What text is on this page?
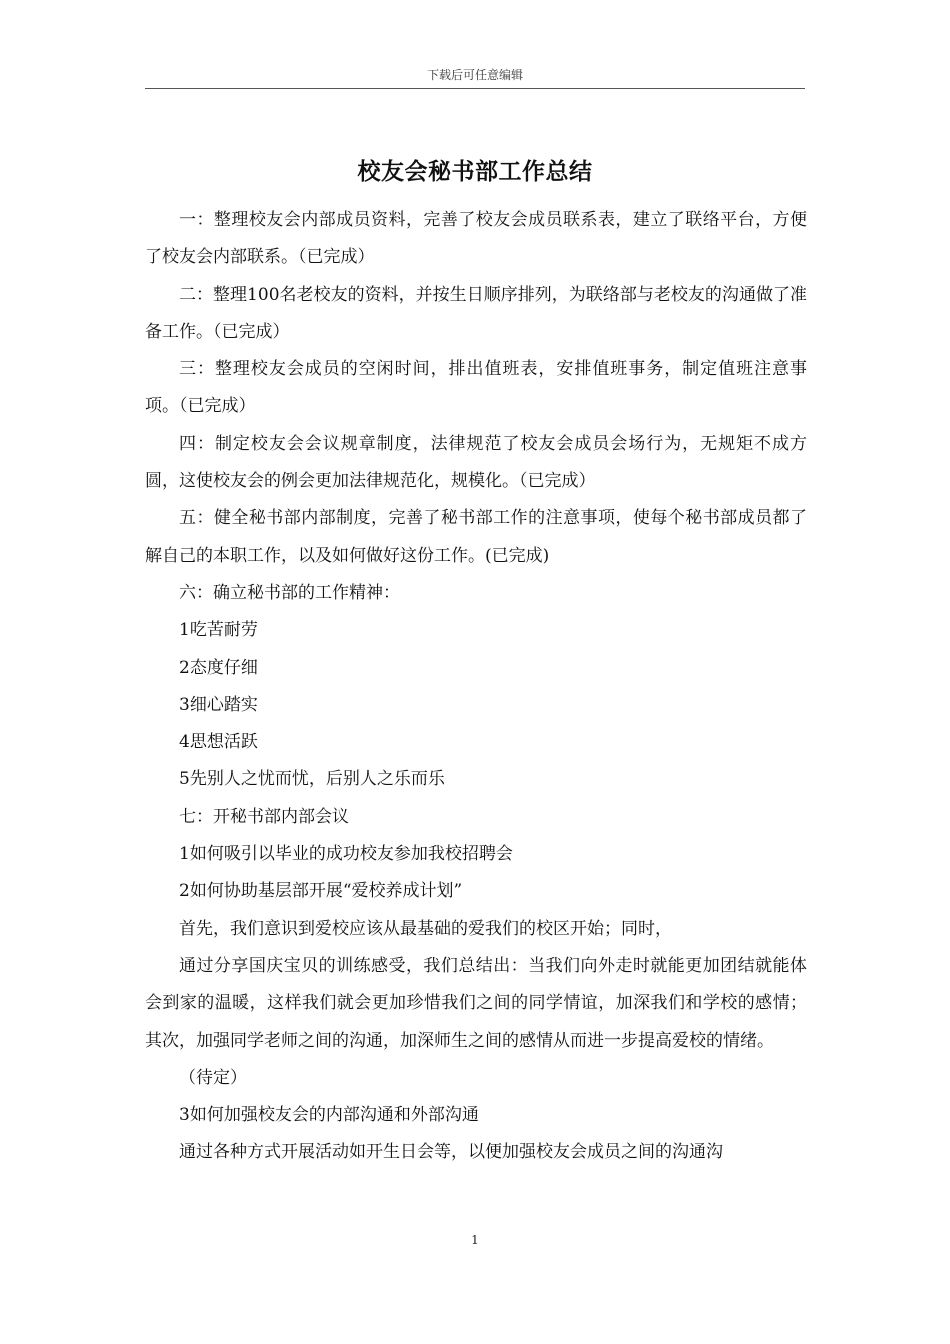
下载后可任意编辑
校友会秘书部工作总结

一：整理校友会内部成员资料，完善了校友会成员联系表，建立了联络平台，方便了校友会内部联系。（已完成）

二：整理100名老校友的资料，并按生日顺序排列，为联络部与老校友的沟通做了准备工作。（已完成）

三：整理校友会成员的空闲时间，排出值班表，安排值班事务，制定值班注意事项。（已完成）

四：制定校友会会议规章制度，法律规范了校友会成员会场行为，无规矩不成方圆，这使校友会的例会更加法律规范化，规模化。（已完成）

五：健全秘书部内部制度，完善了秘书部工作的注意事项，使每个秘书部成员都了解自己的本职工作，以及如何做好这份工作。(已完成)

六：确立秘书部的工作精神：

1吃苦耐劳

2态度仔细

3细心踏实

4思想活跃

5先别人之忧而忧，后别人之乐而乐

七：开秘书部内部会议

1如何吸引以毕业的成功校友参加我校招聘会

2如何协助基层部开展“爱校养成计划”

首先，我们意识到爱校应该从最基础的爱我们的校区开始；同时，

通过分享国庆宝贝的训练感受，我们总结出：当我们向外走时就能更加团结就能体会到家的温暖，这样我们就会更加珍惜我们之间的同学情谊，加深我们和学校的感情；其次，加强同学老师之间的沟通，加深师生之间的感情从而进一步提高爱校的情绪。

（待定）

3如何加强校友会的内部沟通和外部沟通

通过各种方式开展活动如开生日会等，以便加强校友会成员之间的沟通沟

1
